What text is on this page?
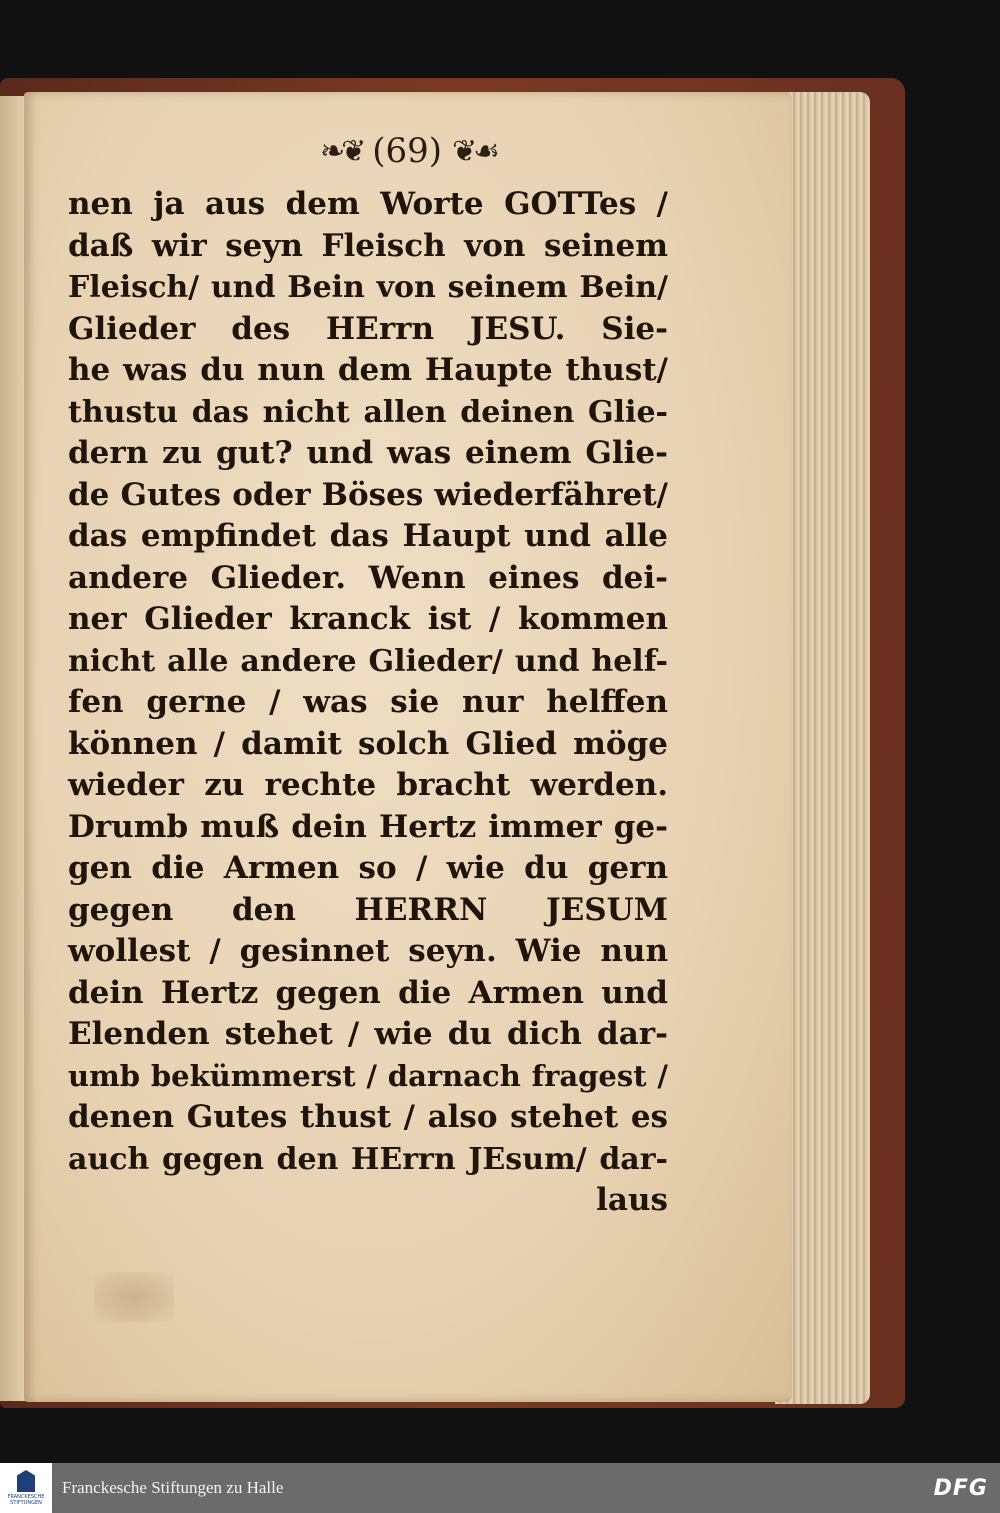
❧❦ (69) ❦☙
nen ja aus dem Worte GOTTes /
daß wir seyn Fleisch von seinem
Fleisch/ und Bein von seinem Bein/
Glieder des HErrn JESU. Sie-
he was du nun dem Haupte thust/
thustu das nicht allen deinen Glie-
dern zu gut? und was einem Glie-
de Gutes oder Böses wiederfähret/
das empfindet das Haupt und alle
andere Glieder. Wenn eines dei-
ner Glieder kranck ist / kommen
nicht alle andere Glieder/ und helf-
fen gerne / was sie nur helffen
können / damit solch Glied möge
wieder zu rechte bracht werden.
Drumb muß dein Hertz immer ge-
gen die Armen so / wie du gern
gegen den HERRN JESUM
wollest / gesinnet seyn. Wie nun
dein Hertz gegen die Armen und
Elenden stehet / wie du dich dar-
umb bekümmerst / darnach fragest /
denen Gutes thust / also stehet es
auch gegen den HErrn JEsum/ dar-
laus
FRANCKESCHE STIFTUNGEN
Franckesche Stiftungen zu Halle	DFG
